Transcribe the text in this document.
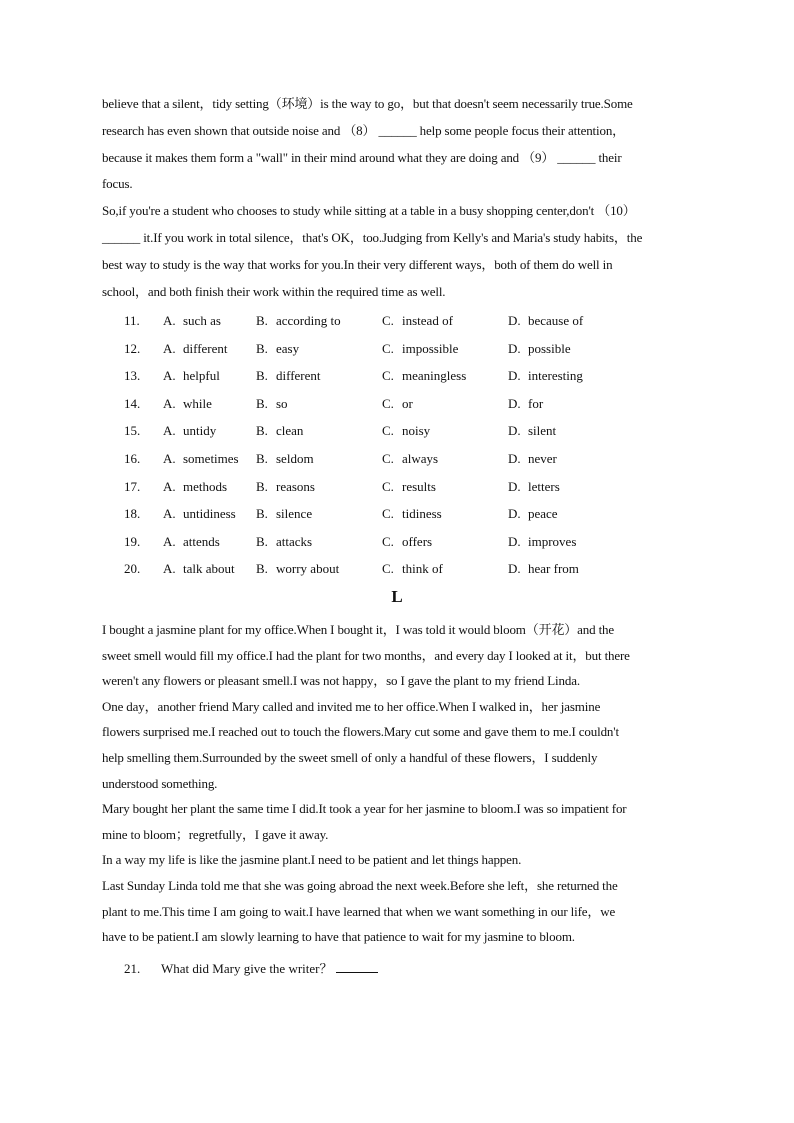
believe that a silent，tidy setting（环境）is the way to go，but that doesn't seem necessarily true.Some
research has even shown that outside noise and （8） ______ help some people focus their attention，
because it makes them form a "wall" in their mind around what they are doing and （9） ______ their
focus.
So,if you're a student who chooses to study while sitting at a table in a busy shopping center,don't （10）
______ it.If you work in total silence，that's OK，too.Judging from Kelly's and Maria's study habits，the
best way to study is the way that works for you.In their very different ways，both of them do well in
school，and both finish their work within the required time as well.
11.	A. such as	B. according to	C. instead of	D. because of
12.	A. different B. easy	C. impossible	D. possible
13.	A. helpful	B. different	C. meaningless	D. interesting
14.	A. while	B. so	C. or	D. for
15.	A. untidy	B. clean	C. noisy	D. silent
16.	A. sometimes B. seldom	C. always	D. never
17.	A. methods B. reasons	C. results	D. letters
18.	A. untidiness B. silence	C. tidiness	D. peace
19.	A. attends	B. attacks	C. offers	D. improves
20.	A. talk about B. worry about	C. think of	D. hear from
L
I bought a jasmine plant for my office.When I bought it，I was told it would bloom（开花）and the
sweet smell would fill my office.I had the plant for two months，and every day I looked at it，but there
weren't any flowers or pleasant smell.I was not happy，so I gave the plant to my friend Linda.
One day，another friend Mary called and invited me to her office.When I walked in，her jasmine
flowers surprised me.I reached out to touch the flowers.Mary cut some and gave them to me.I couldn't
help smelling them.Surrounded by the sweet smell of only a handful of these flowers，I suddenly
understood something.
Mary bought her plant the same time I did.It took a year for her jasmine to bloom.I was so impatient for
mine to bloom；regretfully，I gave it away.
In a way my life is like the jasmine plant.I need to be patient and let things happen.
Last Sunday Linda told me that she was going abroad the next week.Before she left，she returned the
plant to me.This time I am going to wait.I have learned that when we want something in our life，we
have to be patient.I am slowly learning to have that patience to wait for my jasmine to bloom.
21. What did Mary give the writer？
